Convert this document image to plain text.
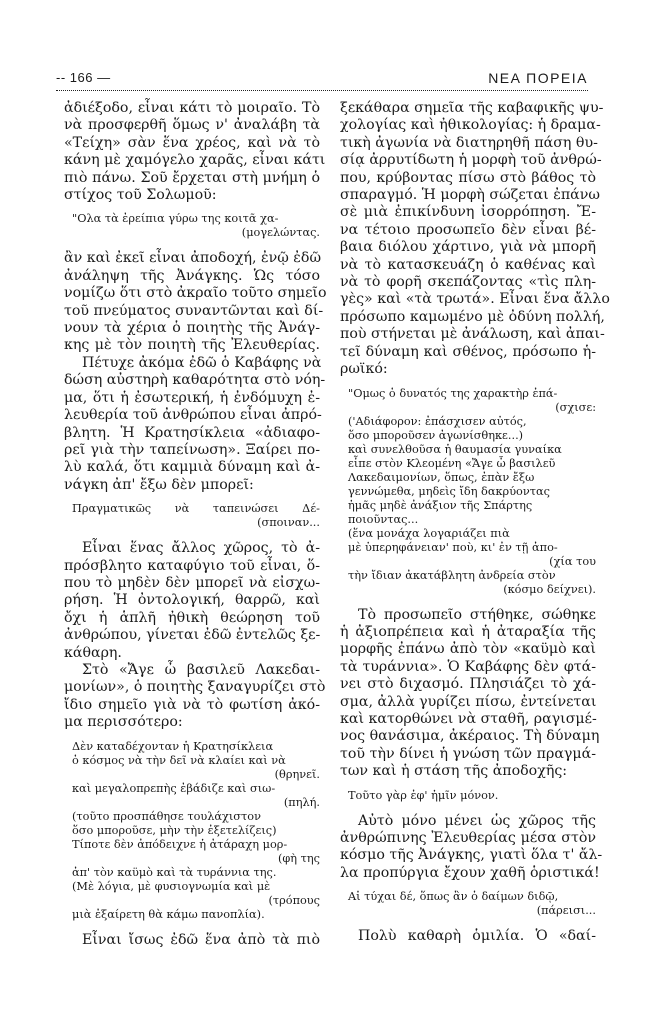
-- 166 —	ΝΕΑ ΠΟΡΕΙΑ
ἀδιέξοδο, εἶναι κάτι τὸ μοιραῖο. Τὸ
νὰ προσφερθῆ ὅμως ν' ἀναλάβη τὰ
«Τείχη» σὰν ἕνα χρέος, καὶ νὰ τὸ
κάνη μὲ χαμόγελο χαρᾶς, εἶναι κάτι
πιὸ πάνω. Σοῦ ἔρχεται στὴ μνήμη ὁ
στίχος τοῦ Σολωμοῦ:
"Ολα τὰ ἐρείπια γύρω της κοιτᾶ χα-
(μογελώντας.
ἂν καὶ ἐκεῖ εἶναι ἀποδοχή, ἐνῷ ἐδῶ
ἀνάληψη τῆς Ἀνάγκης. Ὡς τόσο
νομίζω ὅτι στὸ ἀκραῖο τοῦτο σημεῖο
τοῦ πνεύματος συναντῶνται καὶ δί-
νουν τὰ χέρια ὁ ποιητὴς τῆς Ἀνάγ-
κης μὲ τὸν ποιητὴ τῆς Ἐλευθερίας.
Πέτυχε ἀκόμα ἐδῶ ὁ Καβάφης νὰ
δώση αὐστηρὴ καθαρότητα στὸ νόη-
μα, ὅτι ἡ ἐσωτερική, ἡ ἐνδόμυχη ἐ-
λευθερία τοῦ ἀνθρώπου εἶναι ἀπρό-
βλητη. Ἡ Κρατησίκλεια «ἀδιαφο-
ρεῖ γιὰ τὴν ταπείνωση». Ξαίρει πο-
λὺ καλά, ὅτι καμμιὰ δύναμη καὶ ἀ-
νάγκη ἀπ' ἔξω δὲν μπορεῖ:
Πραγματικῶς νὰ ταπεινώσει Δέ-
(σποιναν...
Εἶναι ἕνας ἄλλος χῶρος, τὸ ἀ-
πρόσβλητο καταφύγιο τοῦ εἶναι, ὅ-
που τὸ μηδὲν δὲν μπορεῖ νὰ εἰσχω-
ρήση. Ἡ ὀντολογική, θαρρῶ, καὶ
ὄχι ἡ ἁπλῆ ἠθικὴ θεώρηση τοῦ
ἀνθρώπου, γίνεται ἐδῶ ἐντελῶς ξε-
κάθαρη.
Στὸ «Ἄγε ὦ βασιλεῦ Λακεδαι-
μονίων», ὁ ποιητὴς ξαναγυρίζει στὸ
ἴδιο σημεῖο γιὰ νὰ τὸ φωτίση ἀκό-
μα περισσότερο:
Δὲν καταδέχονταν ἡ Κρατησίκλεια
ὁ κόσμος νὰ τὴν δεῖ νὰ κλαίει καὶ νὰ
(θρηνεῖ.
καὶ μεγαλοπρεπὴς ἐβάδιζε καὶ σιω-
(πηλή.
(τοῦτο προσπάθησε τουλάχιστον
ὅσο μποροῦσε, μὴν τὴν ἐξετελίζεις)
Τίποτε δὲν ἀπόδειχνε ἡ ἀτάραχη μορ-
(φὴ της
ἀπ' τὸν καϋμὸ καὶ τὰ τυράννια της.
(Μὲ λόγια, μὲ φυσιογνωμία καὶ μὲ
(τρόπους
μιὰ ἐξαίρετη θὰ κάμω πανοπλία).
Εἶναι ἴσως ἐδῶ ἕνα ἀπὸ τὰ πιὸ
ξεκάθαρα σημεῖα τῆς καβαφικῆς ψυ-
χολογίας καὶ ἠθικολογίας: ἡ δραμα-
τικὴ ἀγωνία νὰ διατηρηθῆ πάση θυ-
σίᾳ ἀρρυτίδωτη ἡ μορφὴ τοῦ ἀνθρώ-
που, κρύβοντας πίσω στὸ βάθος τὸ
σπαραγμό. Ἡ μορφὴ σώζεται ἐπάνω
σὲ μιὰ ἐπικίνδυνη ἰσορρόπηση. Ἔ-
να τέτοιο προσωπεῖο δὲν εἶναι βέ-
βαια διόλου χάρτινο, γιὰ νὰ μπορῆ
νὰ τὸ κατασκευάζη ὁ καθένας καὶ
νὰ τὸ φορῆ σκεπάζοντας «τὶς πλη-
γὲς» καὶ «τὰ τρωτά». Εἶναι ἕνα ἄλλο
πρόσωπο καμωμένο μὲ ὀδύνη πολλή,
ποὺ στήνεται μὲ ἀνάλωση, καὶ ἀπαι-
τεῖ δύναμη καὶ σθένος, πρόσωπο ἡ-
ρωϊκό:
"Ομως ὁ δυνατός της χαρακτὴρ ἐπά-
(σχισε:
('Αδιάφορον: ἐπάσχισεν αὐτός,
ὅσο μποροῦσεν ἀγωνίσθηκε...)
καὶ συνελθοῦσα ἡ θαυμασία γυναίκα
εἶπε στὸν Κλεομένη «Ἄγε ὦ βασιλεῦ
Λακεδαιμονίων, ὅπως, ἐπὰν ἔξω
γεννώμεθα, μηδεὶς ἴδη δακρύοντας
ἡμᾶς μηδὲ ἀνάξιον τῆς Σπάρτης
ποιοῦντας...
(ἕνα μονάχα λογαριάζει πιὰ
μὲ ὑπερηφάνειαν' ποὺ, κι' ἐν τῇ ἀπο-
(χία του
τὴν ἴδιαν ἀκατάβλητη ἀνδρεία στὸν
(κόσμο δείχνει).
Τὸ προσωπεῖο στήθηκε, σώθηκε
ἡ ἀξιοπρέπεια καὶ ἡ ἀταραξία τῆς
μορφῆς ἐπάνω ἀπὸ τὸν «καϋμὸ καὶ
τὰ τυράννια». Ὁ Καβάφης δὲν φτά-
νει στὸ διχασμό. Πλησιάζει τὸ χά-
σμα, ἀλλὰ γυρίζει πίσω, ἐντείνεται
καὶ κατορθώνει νὰ σταθῆ, ραγισμέ-
νος θανάσιμα, ἀκέραιος. Τὴ δύναμη
τοῦ τὴν δίνει ἡ γνώση τῶν πραγμά-
των καὶ ἡ στάση τῆς ἀποδοχῆς:
Τοῦτο γὰρ ἐφ' ἡμῖν μόνον.
Αὐτὸ μόνο μένει ὡς χῶρος τῆς
ἀνθρώπινης Ἐλευθερίας μέσα στὸν
κόσμο τῆς Ἀνάγκης, γιατὶ ὅλα τ' ἄλ-
λα προπύργια ἔχουν χαθῆ ὁριστικά!
Αἱ τύχαι δέ, ὅπως ἂν ὁ δαίμων διδῷ,
(πάρεισι...
Πολὺ καθαρὴ ὁμιλία. Ὁ «δαί-
